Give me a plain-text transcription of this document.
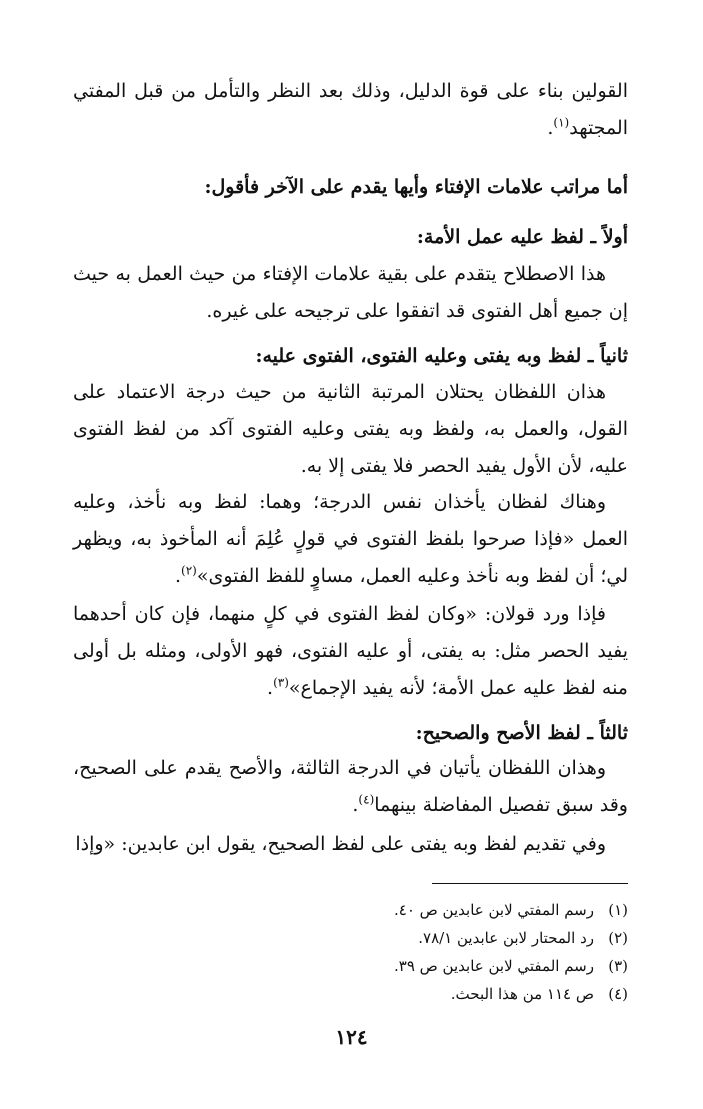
القولين بناء على قوة الدليل، وذلك بعد النظر والتأمل من قبل المفتي المجتهد$^{(١)}$.

أما مراتب علامات الإفتاء وأيها يقدم على الآخر فأقول:

أولاً ـ لفظ عليه عمل الأمة:

هذا الاصطلاح يتقدم على بقية علامات الإفتاء من حيث العمل به حيث إن جميع أهل الفتوى قد اتفقوا على ترجيحه على غيره.

ثانياً ـ لفظ وبه يفتى وعليه الفتوى، الفتوى عليه:

هذان اللفظان يحتلان المرتبة الثانية من حيث درجة الاعتماد على القول، والعمل به، ولفظ وبه يفتى وعليه الفتوى آكد من لفظ الفتوى عليه، لأن الأول يفيد الحصر فلا يفتى إلا به.

وهناك لفظان يأخذان نفس الدرجة؛ وهما: لفظ وبه نأخذ، وعليه العمل «فإذا صرحوا بلفظ الفتوى في قولٍ عُلِمَ أنه المأخوذ به، ويظهر لي؛ أن لفظ وبه نأخذ وعليه العمل، مساوٍ للفظ الفتوى»$^{(٢)}$.

فإذا ورد قولان: «وكان لفظ الفتوى في كلٍ منهما، فإن كان أحدهما يفيد الحصر مثل: به يفتى، أو عليه الفتوى، فهو الأولى، ومثله بل أولى منه لفظ عليه عمل الأمة؛ لأنه يفيد الإجماع»$^{(٣)}$.

ثالثاً ـ لفظ الأصح والصحيح:

وهذان اللفظان يأتيان في الدرجة الثالثة، والأصح يقدم على الصحيح، وقد سبق تفصيل المفاضلة بينهما$^{(٤)}$.

وفي تقديم لفظ وبه يفتى على لفظ الصحيح، يقول ابن عابدين: «وإذا

(١)رسم المفتي لابن عابدين ص ٤٠.
(٢)رد المحتار لابن عابدين ٧٨/١.
(٣)رسم المفتي لابن عابدين ص ٣٩.
(٤)ص ١١٤ من هذا البحث.
١٢٤
